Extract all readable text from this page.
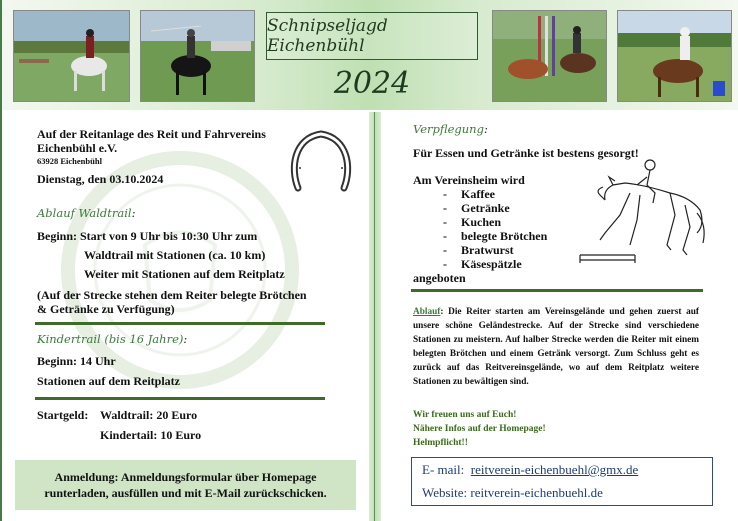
Schnipseljagd Eichenbühl
2024

Auf der Reitanlage des Reit und Fahrvereins

Eichenbühl e.V.

63928 Eichenbühl

Dienstag, den 03.10.2024

Ablauf Waldtrail:

Beginn: Start von 9 Uhr bis 10:30 Uhr zum

Waldtrail mit Stationen (ca. 10 km)

Weiter mit Stationen auf dem Reitplatz

(Auf der Strecke stehen dem Reiter belegte Brötchen

& Getränke zu Verfügung)

Kindertrail (bis 16 Jahre):

Beginn: 14 Uhr

Stationen auf dem Reitplatz

Startgeld: Waldtrail: 20 Euro

Kindertail: 10 Euro

Anmeldung: Anmeldungsformular über Homepage
runterladen, ausfüllen und mit E-Mail zurückschicken.

Verpflegung:

Für Essen und Getränke ist bestens gesorgt!

Am Vereinsheim wird

- Kaffee

- Getränke

- Kuchen

- belegte Brötchen

- Bratwurst

- Käsespätzle

angeboten

Ablauf: Die Reiter starten am Vereinsgelände und gehen zuerst auf unsere schöne Geländestrecke. Auf der Strecke sind verschiedene Stationen zu meistern. Auf halber Strecke werden die Reiter mit einem belegten Brötchen und einem Getränk versorgt. Zum Schluss geht es zurück auf das Reitvereinsgelände, wo auf dem Reitplatz weitere Stationen zu bewältigen sind.

Wir freuen uns auf Euch!

Nähere Infos auf der Homepage!

Helmpflicht!!

E- mail: reitverein-eichenbuehl@gmx.de
Website: reitverein-eichenbuehl.de
